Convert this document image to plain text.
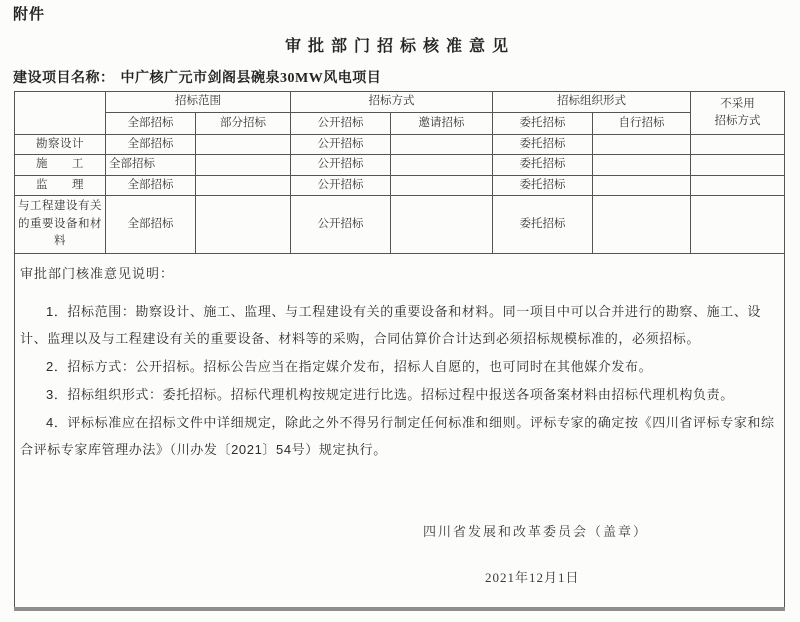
附件
审批部门招标核准意见
建设项目名称： 中广核广元市剑阁县碗泉30MW风电项目
	招标范围		招标方式		招标组织形式		不采用
招标方式

	全部招标	部分招标	公开招标	邀请招标	委托招标	自行招标	
勘察设计	全部招标		公开招标		委托招标		
施　　工	全部招标		公开招标		委托招标		
监　　理	全部招标		公开招标		委托招标		
与工程建设有关的重要设备和材料	全部招标		公开招标		委托招标		

审批部门核准意见说明：
1．招标范围：勘察设计、施工、监理、与工程建设有关的重要设备和材料。同一项目中可以合并进行的勘察、施工、设计、监理以及与工程建设有关的重要设备、材料等的采购，合同估算价合计达到必须招标规模标准的，必须招标。
2．招标方式：公开招标。招标公告应当在指定媒介发布，招标人自愿的，也可同时在其他媒介发布。
3．招标组织形式：委托招标。招标代理机构按规定进行比选。招标过程中报送各项备案材料由招标代理机构负责。
4．评标标准应在招标文件中详细规定，除此之外不得另行制定任何标准和细则。评标专家的确定按《四川省评标专家和综合评标专家库管理办法》（川办发〔2021〕54号）规定执行。
四川省发展和改革委员会（盖章）
2021年12月1日
